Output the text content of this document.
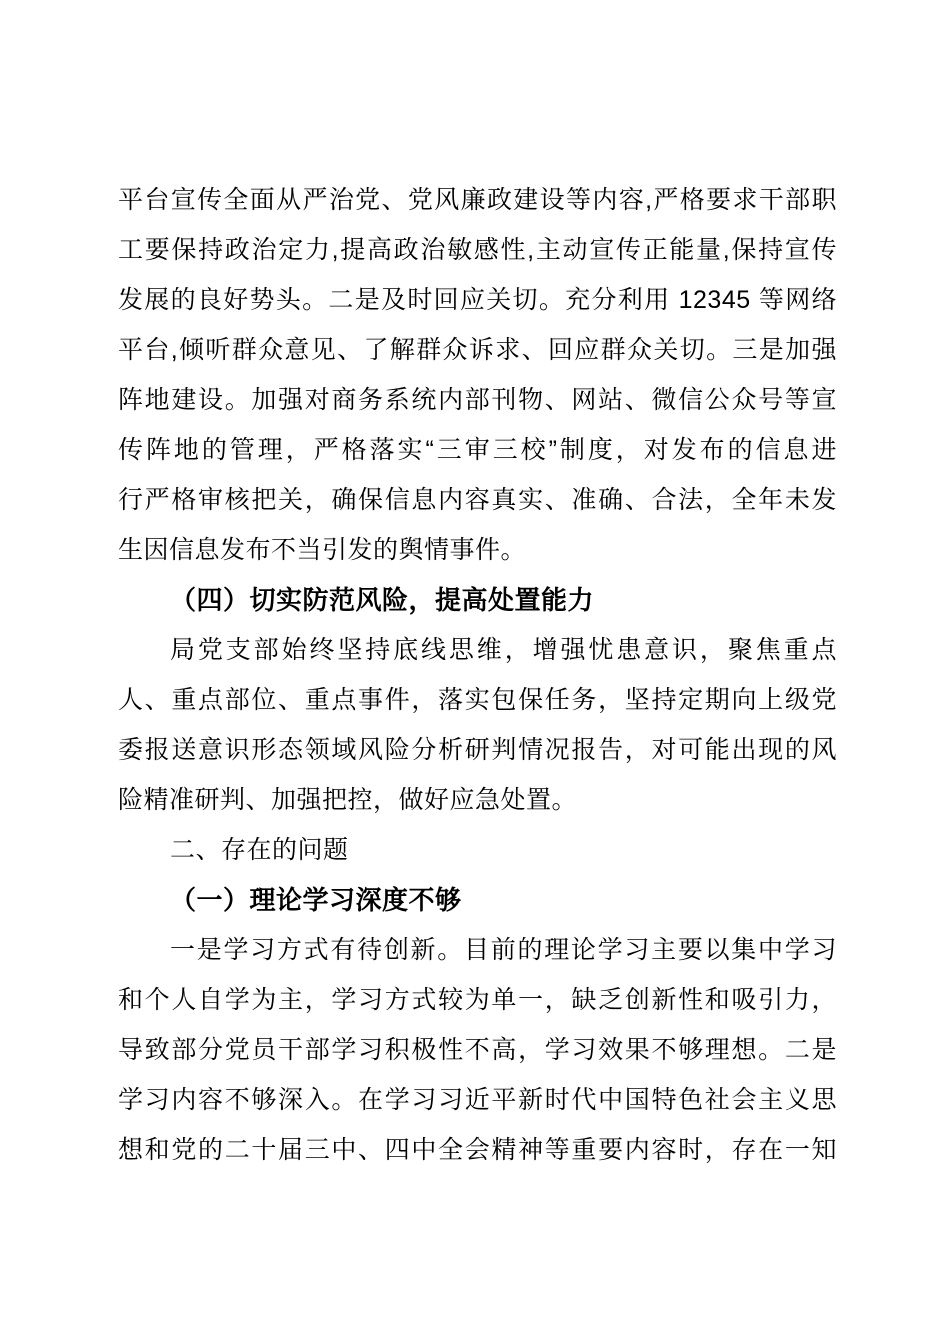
平台宣传全面从严治党、党风廉政建设等内容,严格要求干部职
工要保持政治定力,提高政治敏感性,主动宣传正能量,保持宣传
发展的良好势头。二是及时回应关切。充分利用 12345 等网络
平台,倾听群众意见、了解群众诉求、回应群众关切。三是加强
阵地建设。加强对商务系统内部刊物、网站、微信公众号等宣
传阵地的管理，严格落实“三审三校”制度，对发布的信息进
行严格审核把关，确保信息内容真实、准确、合法，全年未发
生因信息发布不当引发的舆情事件。
（四）切实防范风险，提高处置能力
局党支部始终坚持底线思维，增强忧患意识，聚焦重点
人、重点部位、重点事件，落实包保任务，坚持定期向上级党
委报送意识形态领域风险分析研判情况报告，对可能出现的风
险精准研判、加强把控，做好应急处置。
二、存在的问题
（一）理论学习深度不够
一是学习方式有待创新。目前的理论学习主要以集中学习
和个人自学为主，学习方式较为单一，缺乏创新性和吸引力，
导致部分党员干部学习积极性不高，学习效果不够理想。二是
学习内容不够深入。在学习习近平新时代中国特色社会主义思
想和党的二十届三中、四中全会精神等重要内容时，存在一知
